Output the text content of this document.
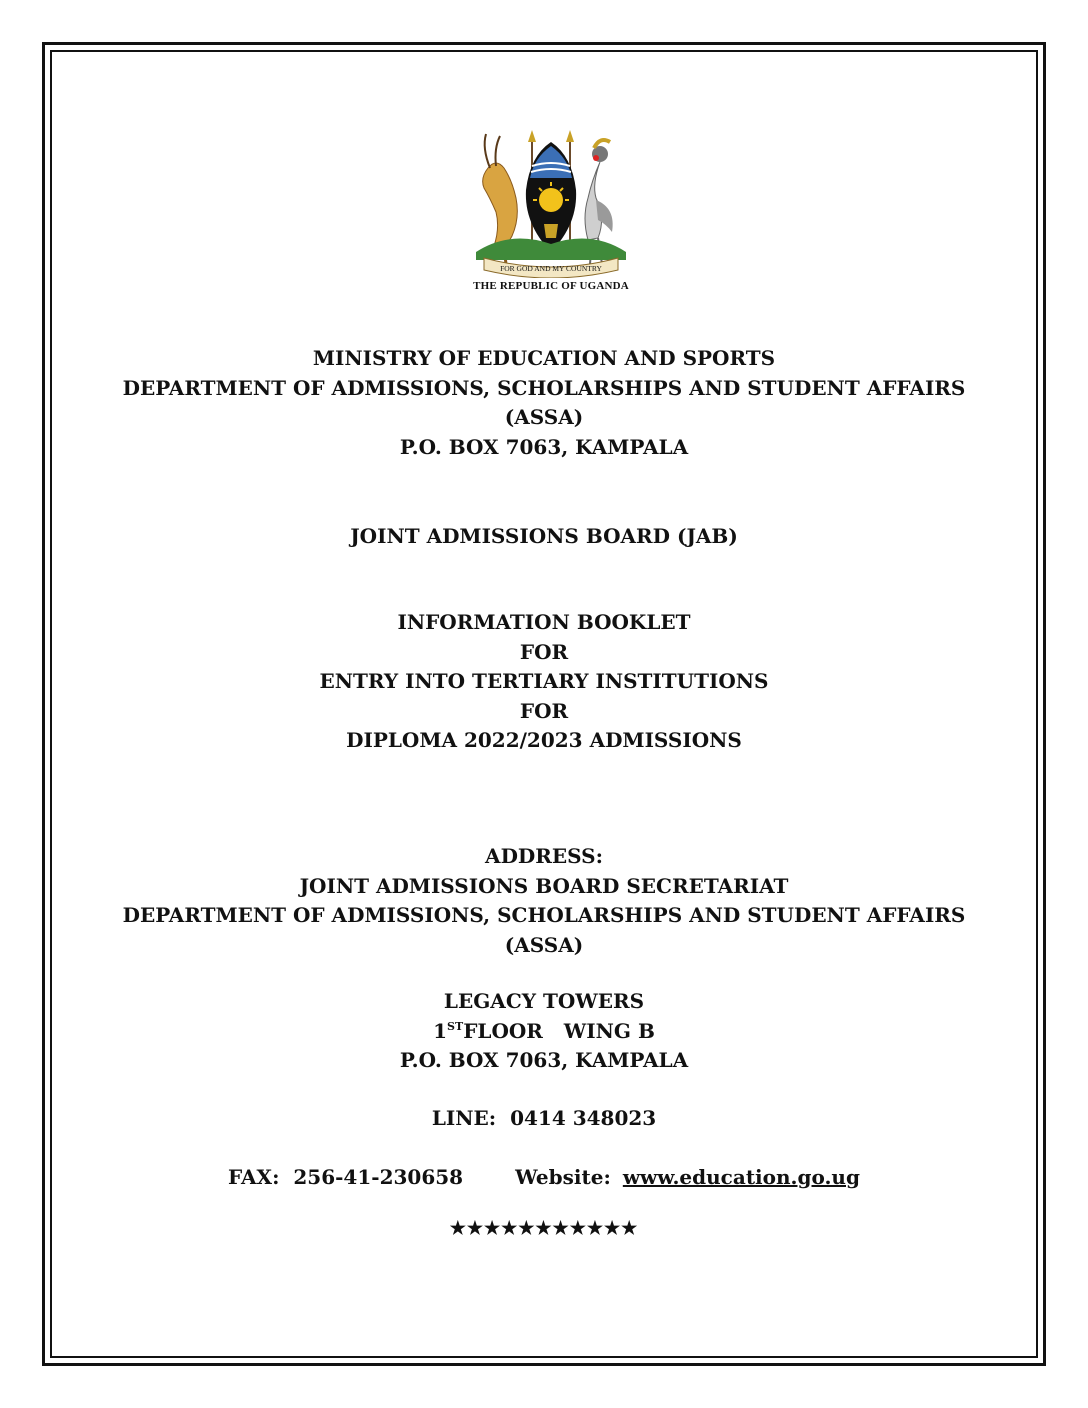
FOR GOD AND MY COUNTRY
THE REPUBLIC OF UGANDA
MINISTRY OF EDUCATION AND SPORTS
DEPARTMENT OF ADMISSIONS, SCHOLARSHIPS AND STUDENT AFFAIRS
(ASSA)
P.O. BOX 7063, KAMPALA
JOINT ADMISSIONS BOARD (JAB)
INFORMATION BOOKLET
FOR
ENTRY INTO TERTIARY INSTITUTIONS
FOR
DIPLOMA 2022/2023 ADMISSIONS
ADDRESS:
JOINT ADMISSIONS BOARD SECRETARIAT
DEPARTMENT OF ADMISSIONS, SCHOLARSHIPS AND STUDENT AFFAIRS
(ASSA)
LEGACY TOWERS
1STFLOOR   WING B
P.O. BOX 7063, KAMPALA
LINE:  0414 348023
FAX:  256-41-230658	Website: www.education.go.ug
★★★★★★★★★★★
